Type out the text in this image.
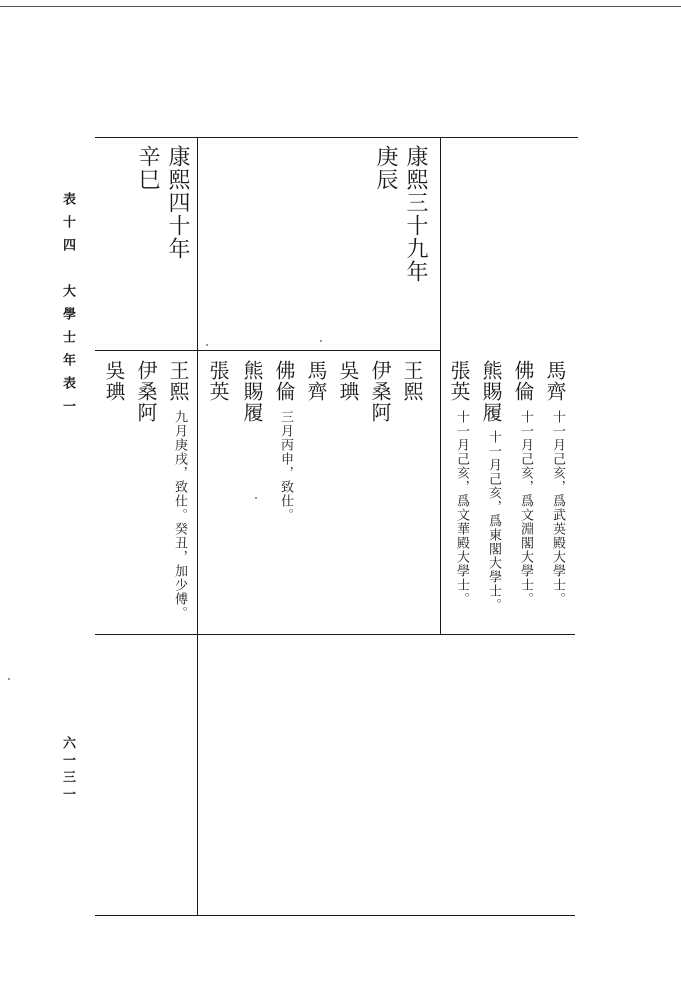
表十四　大學士年表一
六一三一
康熙三十九年
庚辰
王熙
伊桑阿
吳琠
馬齊
佛倫
三月丙申，致仕。
熊賜履
張英
康熙四十年
辛巳
王熙
九月庚戌，致仕。癸丑，加少傅。
伊桑阿
吳琠	馬齊
十一月己亥，爲武英殿大學士。
佛倫
十一月己亥，爲文淵閣大學士。
熊賜履
十一月己亥，爲東閣大學士。
張英
十一月己亥，爲文華殿大學士。
